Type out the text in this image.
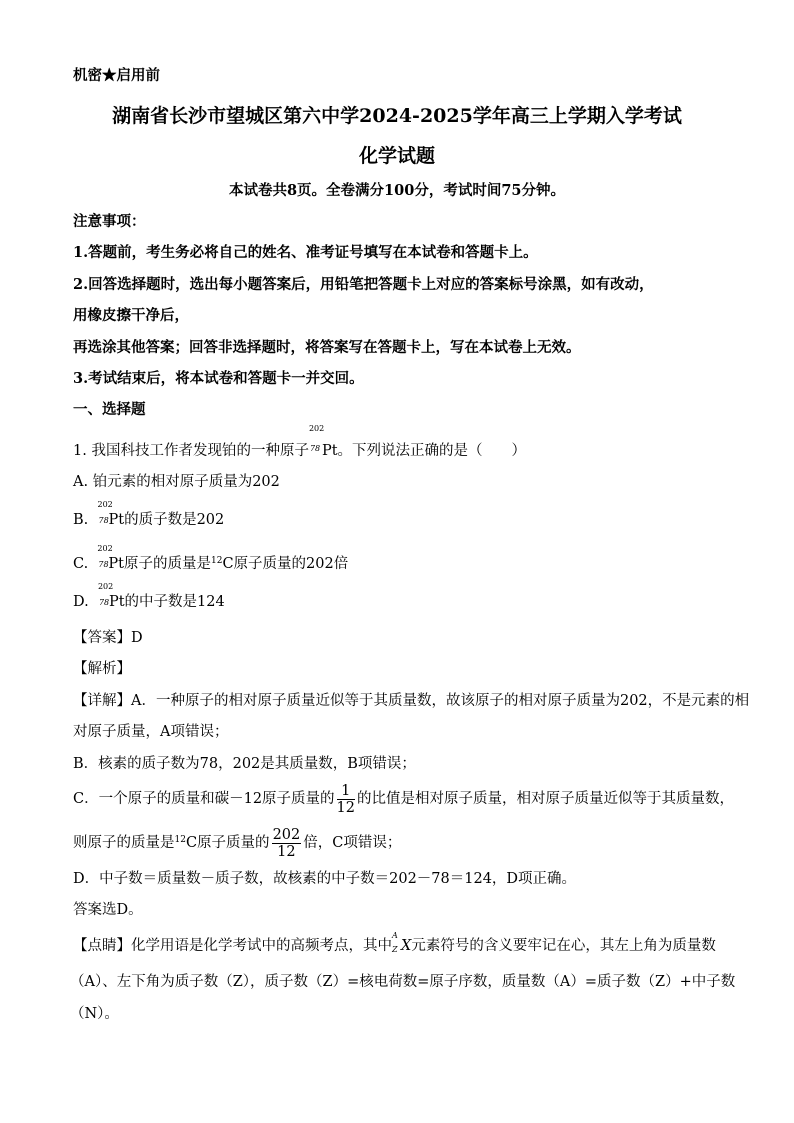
机密★启用前
湖南省长沙市望城区第六中学2024-2025学年高三上学期入学考试
化学试题
本试卷共8页。全卷满分100分，考试时间75分钟。
注意事项：
1.答题前，考生务必将自己的姓名、准考证号填写在本试卷和答题卡上。
2.回答选择题时，选出每小题答案后，用铅笔把答题卡上对应的答案标号涂黑，如有改动，
用橡皮擦干净后，
再选涂其他答案；回答非选择题时，将答案写在答题卡上，写在本试卷上无效。
3.考试结束后，将本试卷和答题卡一并交回。
一、选择题
1. 我国科技工作者发现铂的一种原子
202
78 Pt。下列说法正确的是（　　）
A. 铂元素的相对原子质量为202
B.
202
78 Pt的质子数是202
C.
202
78 Pt原子的质量是$^{12}$C原子质量的202倍
D.
202
78 Pt的中子数是124
【答案】D
【解析】
【详解】A．一种原子的相对原子质量近似等于其质量数，故该原子的相对原子质量为202，不是元素的相
对原子质量，A项错误；
B．核素的质子数为78，202是其质量数，B项错误；
C．一个原子的质量和碳－12原子质量的 $\frac{1}{12}$ 的比值是相对原子质量，相对原子质量近似等于其质量数，
则原子的质量是$^{12}$C原子质量的 $\frac{202}{12}$ 倍，C项错误；
D．中子数＝质量数－质子数，故核素的中子数＝202－78＝124，D项正确。
答案选D。
【点睛】化学用语是化学考试中的高频考点，其中
A
Z X元素符号的含义要牢记在心，其左上角为质量数
（A）、左下角为质子数（Z），质子数（Z）=核电荷数=原子序数，质量数（A）=质子数（Z）+中子数
（N）。
